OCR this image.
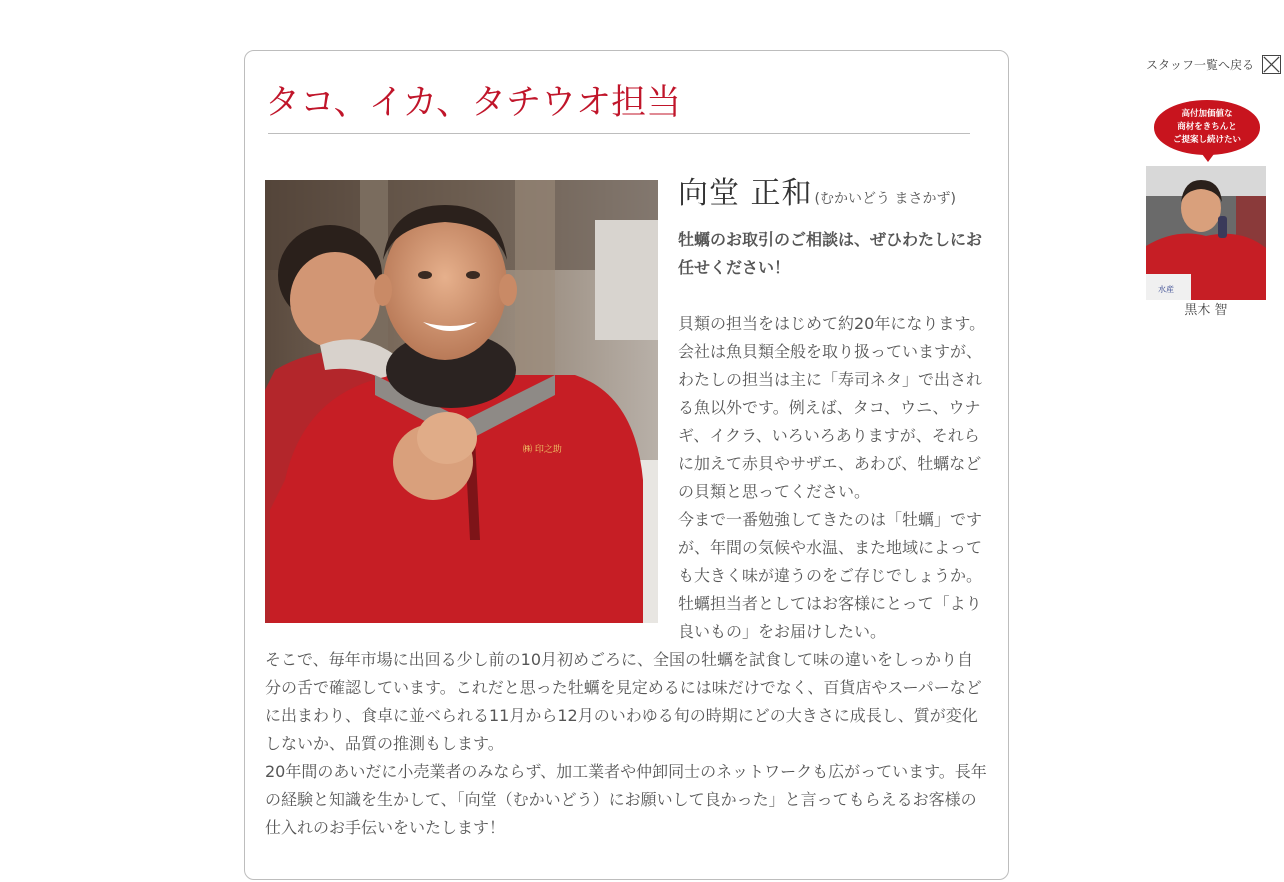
タコ、イカ、タチウオ担当
㈱ 印之助
向堂 正和 (むかいどう まさかず)

牡蠣のお取引のご相談は、ぜひわたしにお任せください！

貝類の担当をはじめて約20年になります。会社は魚貝類全般を取り扱っていますが、わたしの担当は主に「寿司ネタ」で出される魚以外です。例えば、タコ、ウニ、ウナギ、イクラ、いろいろありますが、それらに加えて赤貝やサザエ、あわび、牡蠣などの貝類と思ってください。

今まで一番勉強してきたのは「牡蠣」ですが、年間の気候や水温、また地域によっても大きく味が違うのをご存じでしょうか。牡蠣担当者としてはお客様にとって「より良いもの」をお届けしたい。

そこで、毎年市場に出回る少し前の10月初めごろに、全国の牡蠣を試食して味の違いをしっかり自分の舌で確認しています。これだと思った牡蠣を見定めるには味だけでなく、百貨店やスーパーなどに出まわり、食卓に並べられる11月から12月のいわゆる旬の時期にどの大きさに成長し、質が変化しないか、品質の推測もします。

20年間のあいだに小売業者のみならず、加工業者や仲卸同士のネットワークも広がっています。長年の経験と知識を生かして、「向堂（むかいどう）にお願いして良かった」と言ってもらえるお客様の仕入れのお手伝いをいたします！

スタッフ一覧へ戻る
高付加価値な
商材をきちんと
ご提案し続けたい
水産
黒木 智
